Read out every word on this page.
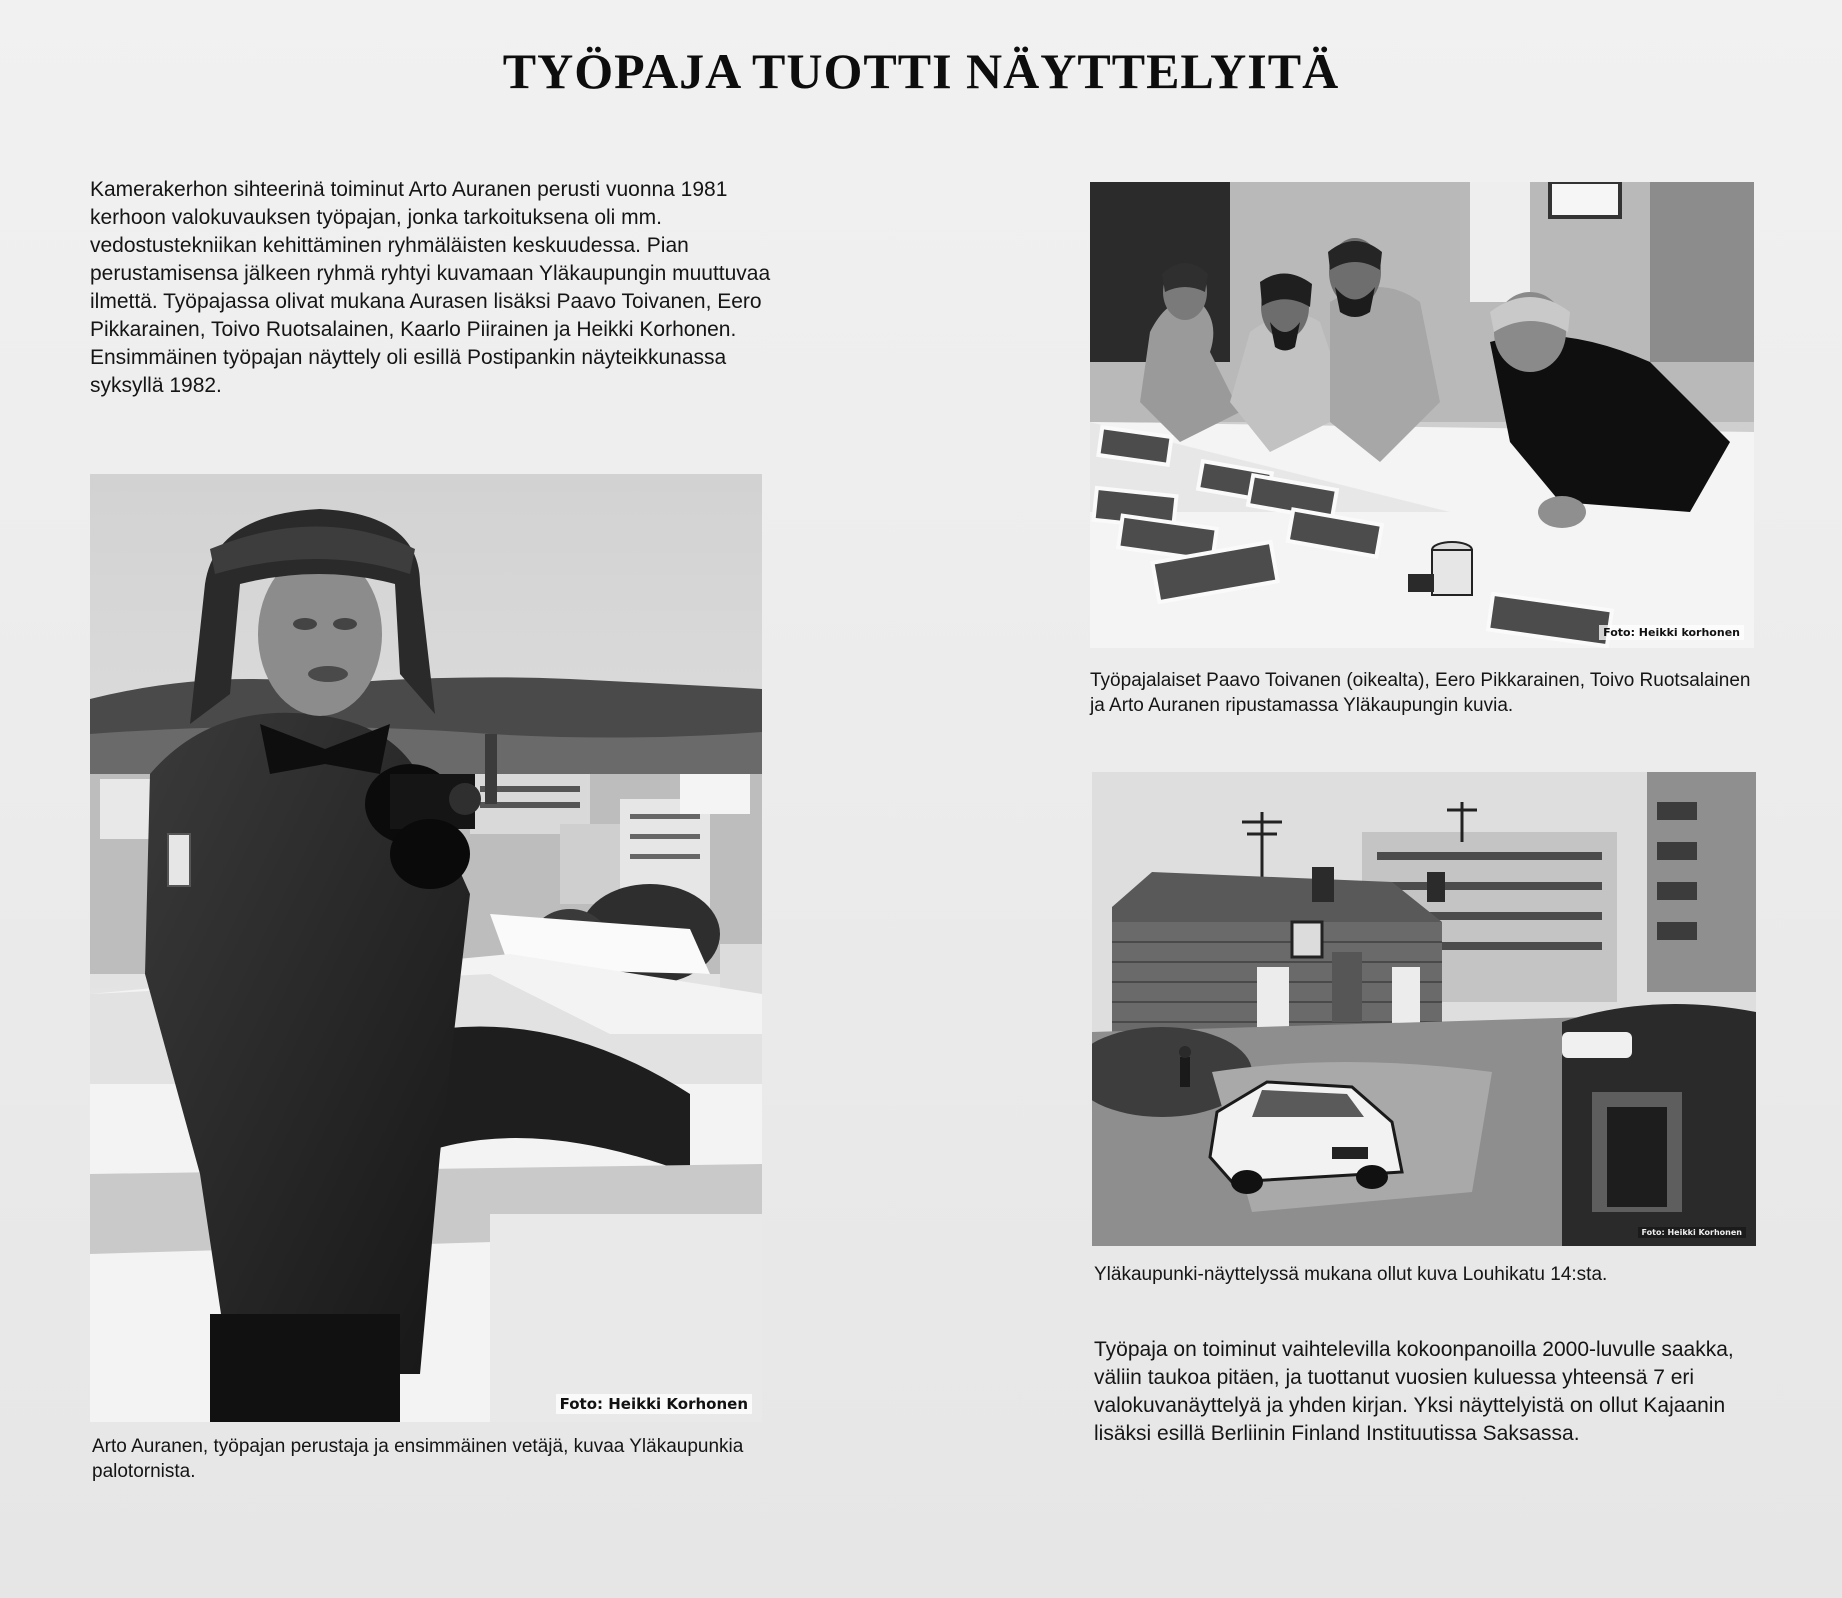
TYÖPAJA TUOTTI NÄYTTELYITÄ

Kamerakerhon sihteerinä toiminut Arto Auranen perusti vuonna 1981 kerhoon valokuvauksen työpajan, jonka tarkoituksena oli mm. vedostustekniikan kehittäminen ryhmäläisten keskuudessa. Pian perustamisensa jälkeen ryhmä ryhtyi kuvamaan Yläkaupungin muuttuvaa ilmettä. Työpajassa olivat mukana Aurasen lisäksi Paavo Toivanen, Eero Pikkarainen, Toivo Ruotsalainen, Kaarlo Piirainen ja Heikki Korhonen. Ensimmäinen työpajan näyttely oli esillä Postipankin näyteikkunassa syksyllä 1982.

Foto: Heikki Korhonen

Arto Auranen, työpajan perustaja ja ensimmäinen vetäjä, kuvaa Yläkaupunkia palotornista.

Foto: Heikki korhonen

Työpajalaiset Paavo Toivanen (oikealta), Eero Pikkarainen, Toivo Ruotsalainen ja Arto Auranen ripustamassa Yläkaupungin kuvia.

Foto: Heikki Korhonen

Yläkaupunki-näyttelyssä mukana ollut kuva Louhikatu 14:sta.

Työpaja on toiminut vaihtelevilla kokoonpanoilla 2000-luvulle saakka, väliin taukoa pitäen, ja tuottanut vuosien kuluessa yhteensä 7 eri valokuvanäyttelyä ja yhden kirjan. Yksi näyttelyistä on ollut Kajaanin lisäksi esillä Berliinin Finland Instituutissa Saksassa.
